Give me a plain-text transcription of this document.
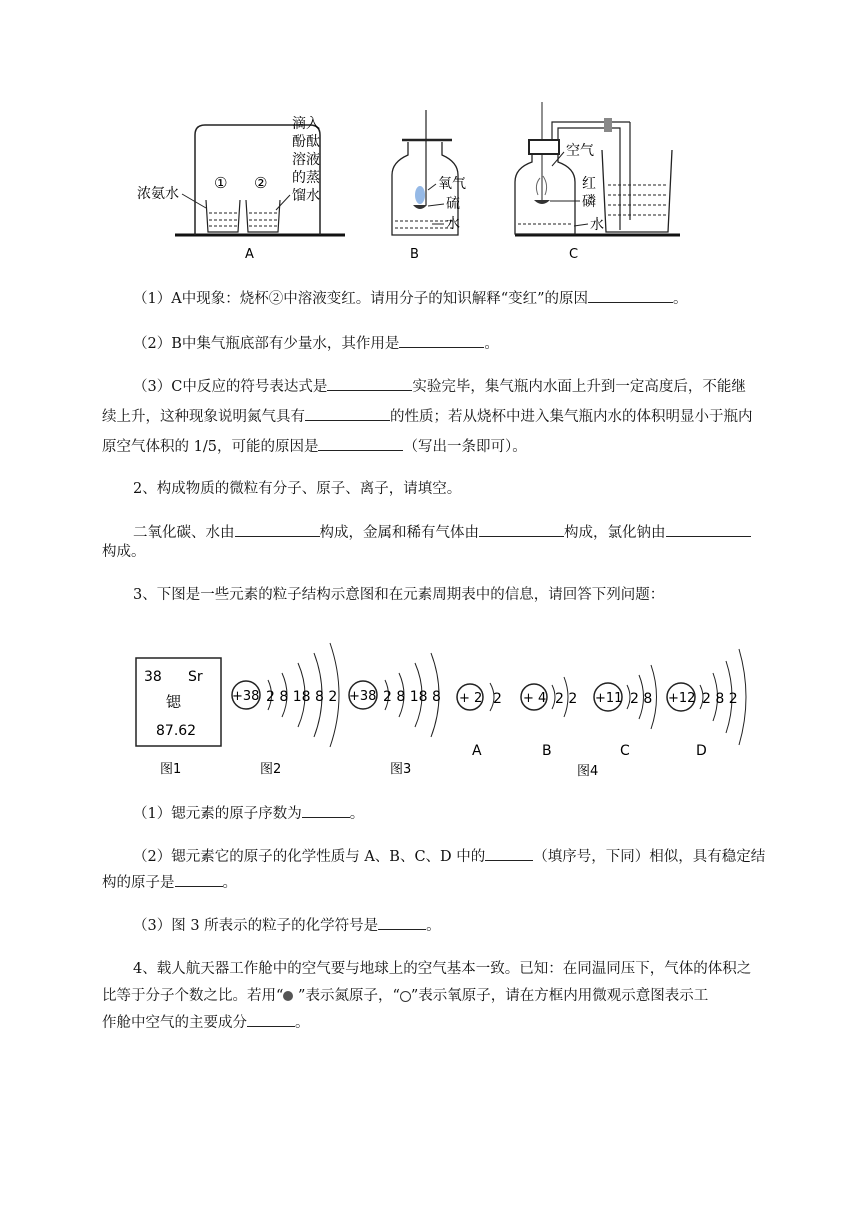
① ②
浓氨水
滴入
酚酞
溶液
的蒸
馏水
A
氧气
硫
水
B
空气
红
磷
水
C
（1）A中现象：烧杯②中溶液变红。请用分子的知识解释“变红”的原因	。
（2）B中集气瓶底部有少量水，其作用是	。
（3）C中反应的符号表达式是	实验完毕，集气瓶内水面上升到一定高度后，不能继
续上升，这种现象说明氮气具有	的性质；若从烧杯中进入集气瓶内水的体积明显小于瓶内
原空气体积的 1/5，可能的原因是	（写出一条即可）。
2、构成物质的微粒有分子、原子、离子，请填空。
二氧化碳、水由	构成，金属和稀有气体由	构成，氯化钠由
构成。
3、下图是一些元素的粒子结构示意图和在元素周期表中的信息，请回答下列问题：
38 Sr
锶
87.62
+38 2 8 18 8 2 +38 2 8 18 8 + 2 2
A
+ 4 2 2
B
+11 2 8
C
+12 2 8 2
D
图1	图2	图3	图4
（1）锶元素的原子序数为	。
（2）锶元素它的原子的化学性质与 A、B、C、D 中的	（填序号，下同）相似，具有稳定结
构的原子是	。
（3）图 3 所表示的粒子的化学符号是	。
4、载人航天器工作舱中的空气要与地球上的空气基本一致。已知：在同温同压下，气体的体积之
比等于分子个数之比。若用“ ”表示氮原子，“ ”表示氧原子，请在方框内用微观示意图表示工
作舱中空气的主要成分	。
